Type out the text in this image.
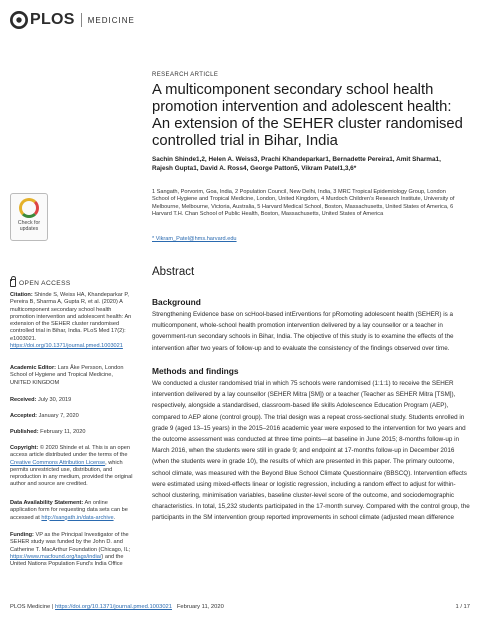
PLOS MEDICINE
Check for
updates
OPEN ACCESS
Citation: Shinde S, Weiss HA, Khandeparkar P, Pereira B, Sharma A, Gupta R, et al. (2020) A multicomponent secondary school health promotion intervention and adolescent health: An extension of the SEHER cluster randomised controlled trial in Bihar, India. PLoS Med 17(2): e1003021. https://doi.org/10.1371/journal.pmed.1003021
Academic Editor: Lars Åke Persson, London School of Hygiene and Tropical Medicine, UNITED KINGDOM
Received: July 30, 2019
Accepted: January 7, 2020
Published: February 11, 2020
Copyright: © 2020 Shinde et al. This is an open access article distributed under the terms of the Creative Commons Attribution License, which permits unrestricted use, distribution, and reproduction in any medium, provided the original author and source are credited.
Data Availability Statement: An online application form for requesting data sets can be accessed at http://sangath.in/data-archive.
Funding: VP as the Principal Investigator of the SEHER study was funded by the John D. and Catherine T. MacArthur Foundation (Chicago, IL; https://www.macfound.org/tags/india/) and the United Nations Population Fund’s India Office
RESEARCH ARTICLE
A multicomponent secondary school health promotion intervention and adolescent health: An extension of the SEHER cluster randomised controlled trial in Bihar, India
Sachin Shinde1,2, Helen A. Weiss3, Prachi Khandeparkar1, Bernadette Pereira1, Amit Sharma1, Rajesh Gupta1, David A. Ross4, George Patton5, Vikram Patel1,3,6*
1 Sangath, Porvorim, Goa, India, 2 Population Council, New Delhi, India, 3 MRC Tropical Epidemiology Group, London School of Hygiene and Tropical Medicine, London, United Kingdom, 4 Murdoch Children’s Research Institute, University of Melbourne, Melbourne, Victoria, Australia, 5 Harvard Medical School, Boston, Massachusetts, United States of America, 6 Harvard T.H. Chan School of Public Health, Boston, Massachusetts, United States of America
* Vikram_Patel@hms.harvard.edu
Abstract
Background
Strengthening Evidence base on scHool-based intErventions for pRomoting adolescent health (SEHER) is a multicomponent, whole-school health promotion intervention delivered by a lay counsellor or a teacher in government-run secondary schools in Bihar, India. The objective of this study is to examine the effects of the intervention after two years of follow-up and to evaluate the consistency of the findings observed over time.
Methods and findings
We conducted a cluster randomised trial in which 75 schools were randomised (1:1:1) to receive the SEHER intervention delivered by a lay counsellor (SEHER Mitra [SM]) or a teacher (Teacher as SEHER Mitra [TSM]), respectively, alongside a standardised, classroom-based life skills Adolescence Education Program (AEP), compared to AEP alone (control group). The trial design was a repeat cross-sectional study. Students enrolled in grade 9 (aged 13–15 years) in the 2015–2016 academic year were exposed to the intervention for two years and the outcome assessment was conducted at three time points—at baseline in June 2015; 8-months follow-up in March 2016, when the students were still in grade 9; and endpoint at 17-months follow-up in December 2016 (when the students were in grade 10), the results of which are presented in this paper. The primary outcome, school climate, was measured with the Beyond Blue School Climate Questionnaire (BBSCQ). Intervention effects were estimated using mixed-effects linear or logistic regression, including a random effect to adjust for within-school clustering, minimisation variables, baseline cluster-level score of the outcome, and sociodemographic characteristics. In total, 15,232 students participated in the 17-month survey. Compared with the control group, the participants in the SM intervention group reported improvements in school climate (adjusted mean difference
PLOS Medicine | https://doi.org/10.1371/journal.pmed.1003021 February 11, 2020	1 / 17
